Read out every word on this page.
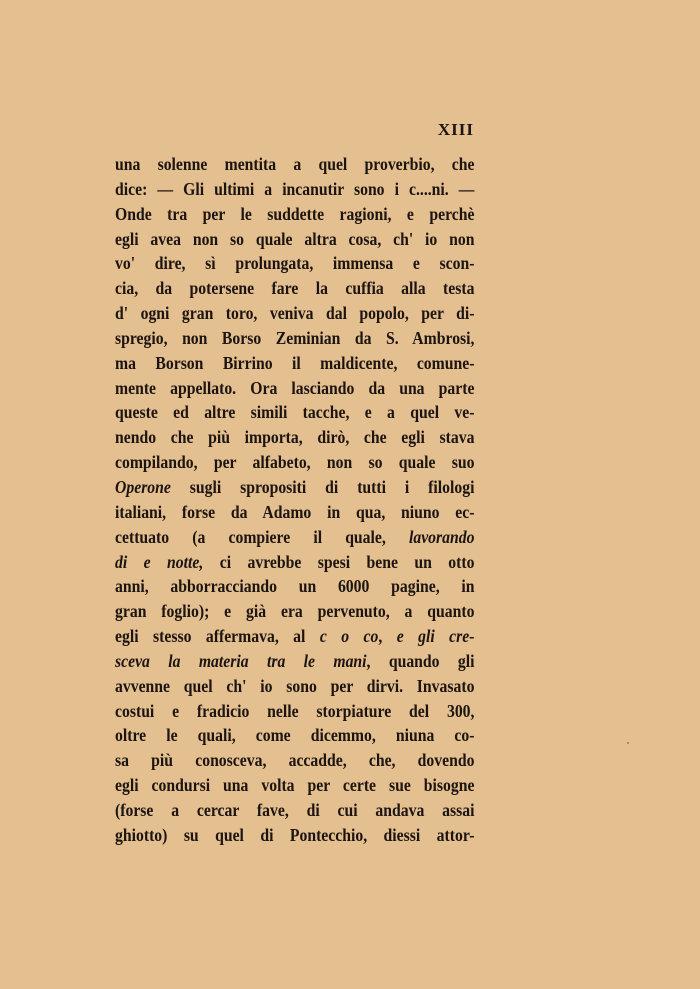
XIII
una solenne mentita a quel proverbio, che
dice: — Gli ultimi a incanutir sono i c....ni. —
Onde tra per le suddette ragioni, e perchè
egli avea non so quale altra cosa, ch' io non
vo' dire, sì prolungata, immensa e scon-
cia, da potersene fare la cuffia alla testa
d' ogni gran toro, veniva dal popolo, per di-
spregio, non Borso Zeminian da S. Ambrosi,
ma Borson Birrino il maldicente, comune-
mente appellato. Ora lasciando da una parte
queste ed altre simili tacche, e a quel ve-
nendo che più importa, dirò, che egli stava
compilando, per alfabeto, non so quale suo
Operone sugli spropositi di tutti i filologi
italiani, forse da Adamo in qua, niuno ec-
cettuato (a compiere il quale, lavorando
di e notte, ci avrebbe spesi bene un otto
anni, abborracciando un 6000 pagine, in
gran foglio); e già era pervenuto, a quanto
egli stesso affermava, al c o co, e gli cre-
sceva la materia tra le mani, quando gli
avvenne quel ch' io sono per dirvi. Invasato
costui e fradicio nelle storpiature del 300,
oltre le quali, come dicemmo, niuna co-
sa più conosceva, accadde, che, dovendo
egli condursi una volta per certe sue bisogne
(forse a cercar fave, di cui andava assai
ghiotto) su quel di Pontecchio, diessi attor-
